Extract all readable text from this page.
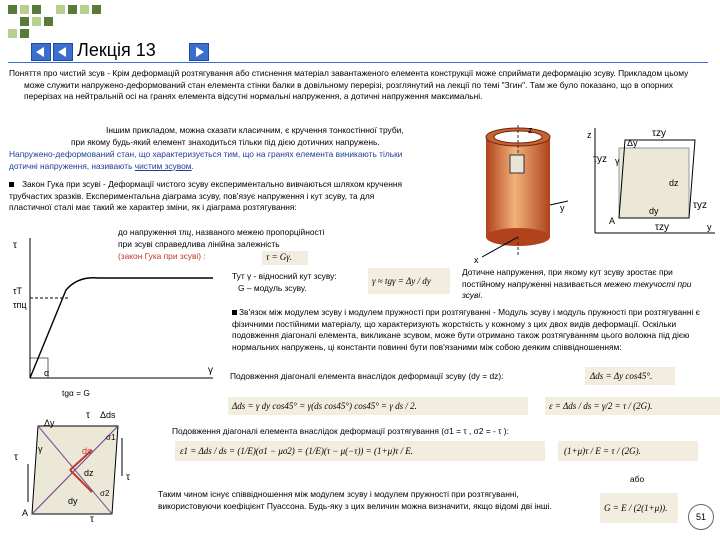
Лекція 13
Поняття про чистий зсув - Крім деформацій розтягування або стиснення матеріал завантаженого елемента конструкції може сприймати деформацію зсуву. Прикладом цьому може служити напружено-деформований стан елемента стінки балки в довільному перерізі, розглянутий на лекції по темі "Згин". Там же було показано, що в опорних перерізах на нейтральній осі на гранях елемента відсутні нормальні напруження, а дотичні напруження максимальні.
Іншим прикладом, можна сказати класичним, є кручення тонкостінної труби,
при якому будь-який елемент знаходиться тільки під дією дотичних напружень.
Напружено-деформований стан, що характеризується тим, що на гранях елемента виникають тільки дотичні напруження, називають чистим зсувом.
Закон Гука при зсуві - Деформації чистого зсуву експериментально вивчаються шляхом кручення трубчастих зразків. Експериментальна діаграма зсуву, пов'язує напруження і кут зсуву, та для пластичної сталі має такий же характер зміни, як і діаграма розтягування:
до напруження τпц, названого межею пропорційності
при зсуві справедлива лінійна залежність
(закон Гука при зсуві) :	τ = Gγ.
τ
τT
τпц
γ
α
tgα = G
Тут γ - відносний кут зсуву:
G – модуль зсуву.
γ ≈ tgγ = Δy / dy
Дотичне напруження, при якому кут зсуву зростає при постійному напруженні називається межею текучості при зсуві.
Зв'язок між модулем зсуву і модулем пружності при розтягуванні - Модуль зсуву і модуль пружності при розтягуванні є фізичними постійними матеріалу, що характеризують жорсткість у кожному з цих двох видів деформації. Оскільки подовження діагоналі елемента, викликане зсувом, може бути отримано також розтягуванням цього волокна під дією нормальних напружень, ці константи повинні бути пов'язаними між собою деяким співвідношенням:
Подовження діагоналі елемента внаслідок деформації зсуву (dy = dz):	Δds = Δy cos45°.
Δds = γ dy cos45° = γ(ds cos45°) cos45° = γ ds / 2.	ε = Δds / ds = γ/2 = τ / (2G).
Подовження діагоналі елемента внаслідок деформації розтягування (σ1 = τ , σ2 = - τ ):
ε1 = Δds / ds = (1/E)(σ1 − μσ2) = (1/E)(τ − μ(−τ)) = (1+μ)τ / E.	(1+μ)τ / E = τ / (2G).
або
Таким чином існує співвідношення між модулем зсуву і модулем пружності при розтягуванні, використовуючи коефіцієнт Пуассона. Будь-яку з цих величин можна визначити, якщо відомі дві інші.	G = E / (2(1+μ)).
z
y
x
z
y
τzy
τyz
τyz
τzy
Δy
dz
dy
A
γ
τ
τ
τ
τ
Δds
Δy
γ	ds
dz
dy
A
σ1
σ2
51
